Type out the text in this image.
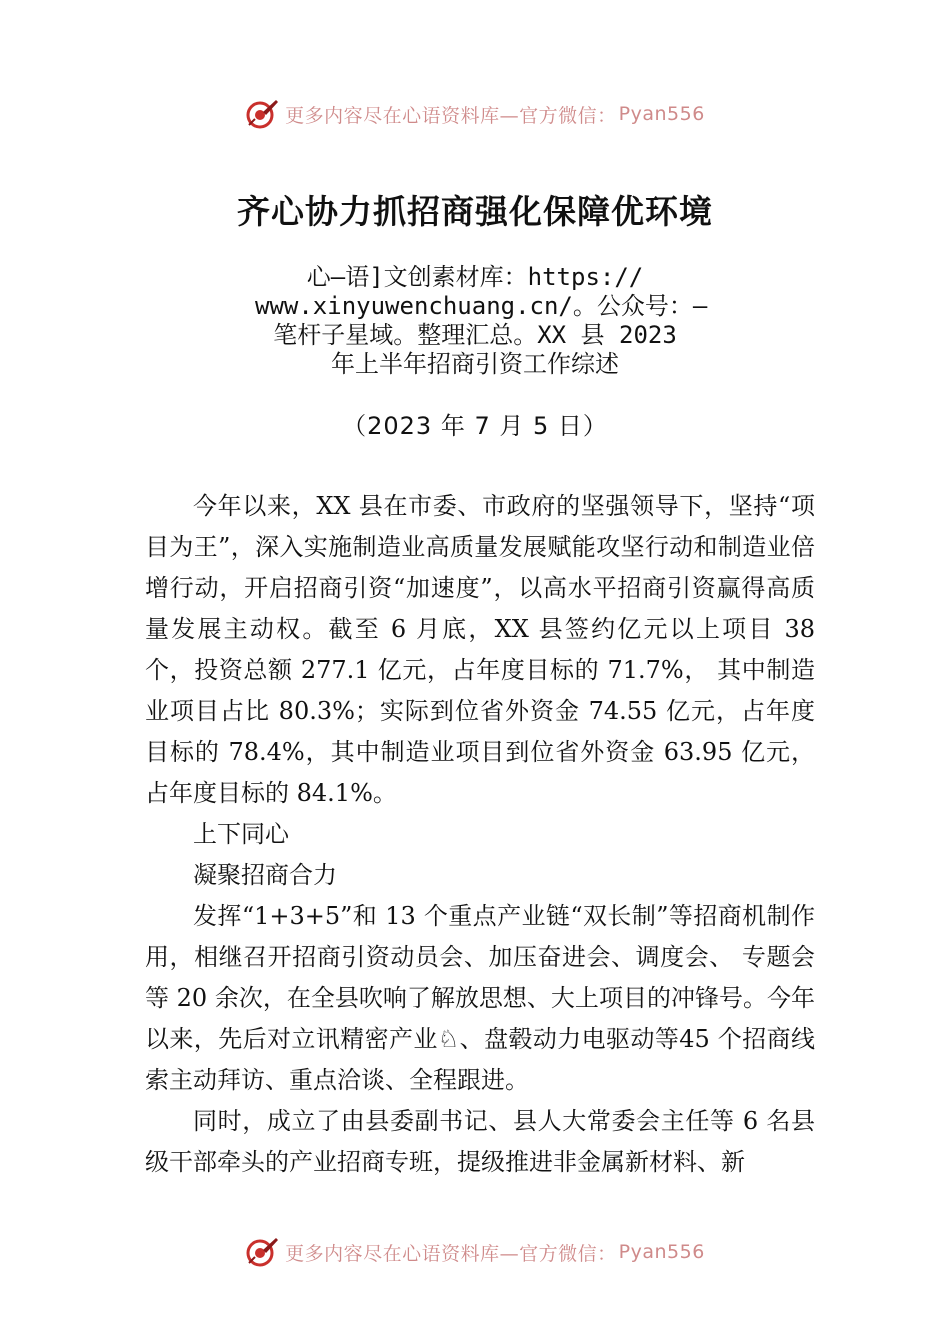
更多内容尽在心语资料库—官方微信： Pyan556
齐心协力抓招商强化保障优环境
心—语]文创素材库：https://
www.xinyuwenchuang.cn/。公众号：—
笔杆子星域。整理汇总。XX 县 2023
年上半年招商引资工作综述
（2023 年 7 月 5 日）

今年以来，XX 县在市委、市政府的坚强领导下，坚持“项目为王”，深入实施制造业高质量发展赋能攻坚行动和制造业倍增行动，开启招商引资“加速度”，以高水平招商引资赢得高质量发展主动权。截至 6 月底，XX 县签约亿元以上项目 38 个，投资总额 277.1 亿元，占年度目标的 71.7%， 其中制造业项目占比 80.3%；实际到位省外资金 74.55 亿元，占年度目标的 78.4%，其中制造业项目到位省外资金 63.95 亿元，占年度目标的 84.1%。

上下同心

凝聚招商合力

发挥“1+3+5”和 13 个重点产业链“双长制”等招商机制作用，相继召开招商引资动员会、加压奋进会、调度会、 专题会等 20 余次，在全县吹响了解放思想、大上项目的冲锋号。今年以来，先后对立讯精密产业♘、盘毂动力电驱动等45 个招商线索主动拜访、重点洽谈、全程跟进。

同时，成立了由县委副书记、县人大常委会主任等 6 名县级干部牵头的产业招商专班，提级推进非金属新材料、新

更多内容尽在心语资料库—官方微信： Pyan556
